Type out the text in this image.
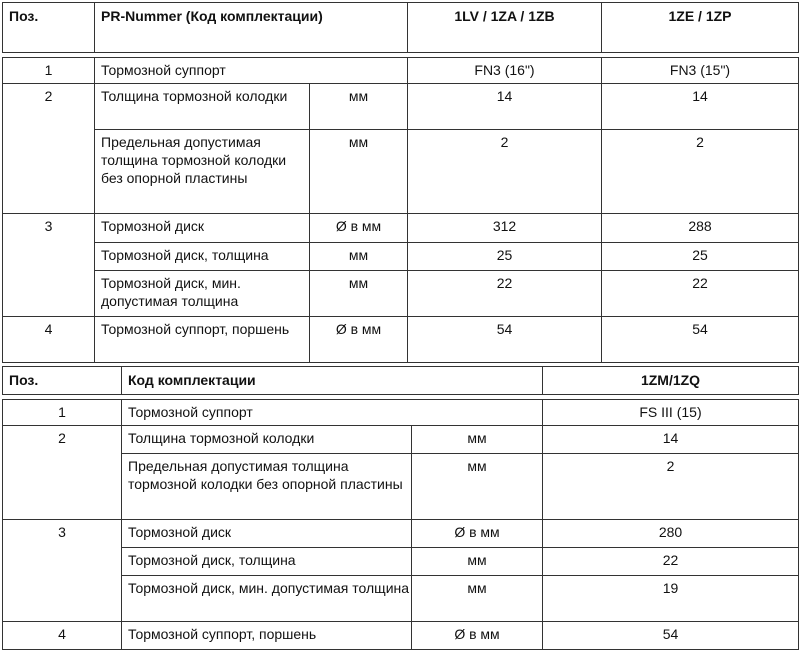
Поз.	PR-Nummer (Код комплектации)		1LV / 1ZA / 1ZB	1ZE / 1ZP

1	Тормозной суппорт		FN3 (16")	FN3 (15")
2	Толщина тормозной колодки	мм	14	14
	Предельная допустимая толщина тормозной колодки без опорной пластины	мм	2	2
3	Тормозной диск	Ø в мм	312	288
	Тормозной диск, толщина	мм	25	25
	Тормозной диск, мин. допустимая толщина	мм	22	22
4	Тормозной суппорт, поршень	Ø в мм	54	54
Поз.	Код комплектации		1ZM/1ZQ

1	Тормозной суппорт		FS III (15)
2	Толщина тормозной колодки	мм	14
	Предельная допустимая толщина тормозной колодки без опорной пластины	мм	2
3	Тормозной диск	Ø в мм	280
	Тормозной диск, толщина	мм	22
	Тормозной диск, мин. допустимая толщина	мм	19
4	Тормозной суппорт, поршень	Ø в мм	54
